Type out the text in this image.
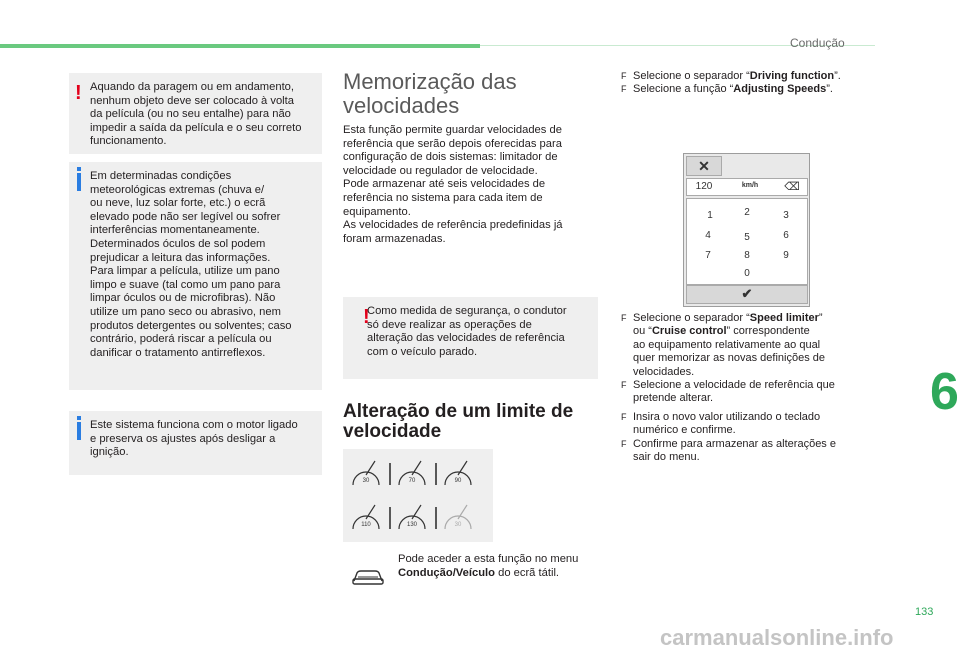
Condução
6
133
! Aquando da paragem ou em andamento,

nenhum objeto deve ser colocado à volta

da película (ou no seu entalhe) para não

impedir a saída da película e o seu correto

funcionamento.

Em determinadas condições

meteorológicas extremas (chuva e/

ou neve, luz solar forte, etc.) o ecrã

elevado pode não ser legível ou sofrer

interferências momentaneamente.

Determinados óculos de sol podem

prejudicar a leitura das informações.

Para limpar a película, utilize um pano

limpo e suave (tal como um pano para

limpar óculos ou de microfibras). Não

utilize um pano seco ou abrasivo, nem

produtos detergentes ou solventes; caso

contrário, poderá riscar a película ou

danificar o tratamento antirreflexos.

Este sistema funciona com o motor ligado

e preserva os ajustes após desligar a

ignição.

Memorização das
velocidades
Esta função permite guardar velocidades de
referência que serão depois oferecidas para
configuração de dois sistemas: limitador de
velocidade ou regulador de velocidade.
Pode armazenar até seis velocidades de
referência no sistema para cada item de
equipamento.
As velocidades de referência predefinidas já
foram armazenadas.
!

Como medida de segurança, o condutor

só deve realizar as operações de

alteração das velocidades de referência

com o veículo parado.

Alteração de um limite de
velocidade
30	70	90
110	130	30
Pode aceder a esta função no menu
Condução/Veículo do ecrã tátil.
F Selecione o separador “Driving function”.
F Selecione a função “Adjusting Speeds”.
✕
120	km/h	⌫
1	2	3
4	5	6
7	8	9
0
✔
F Selecione o separador “Speed limiter”
ou “Cruise control” correspondente
ao equipamento relativamente ao qual
quer memorizar as novas definições de
velocidades.
F Selecione a velocidade de referência que
pretende alterar.
F Insira o novo valor utilizando o teclado
numérico e confirme.
F Confirme para armazenar as alterações e
sair do menu.
carmanualsonline.info
